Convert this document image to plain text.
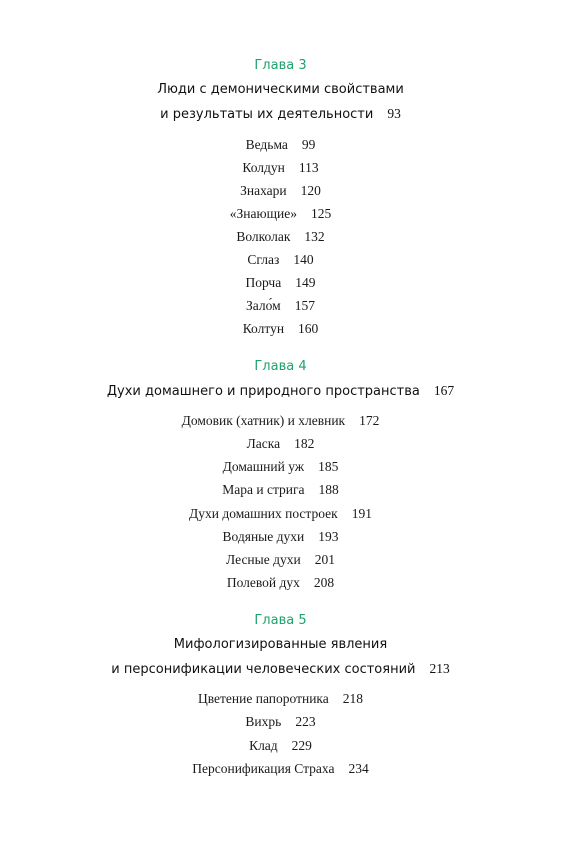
Глава 3
Люди с демоническими свойствами
и результаты их деятельности 93
Ведьма 99
Колдун 113
Знахари 120
«Знающие» 125
Волколак 132
Сглаз 140
Порча 149
Зало́м 157
Колтун 160
Глава 4
Духи домашнего и природного пространства 167
Домовик (хатник) и хлевник 172
Ласка 182
Домашний уж 185
Мара и стрига 188
Духи домашних построек 191
Водяные духи 193
Лесные духи 201
Полевой дух 208
Глава 5
Мифологизированные явления
и персонификации человеческих состояний 213
Цветение папоротника 218
Вихрь 223
Клад 229
Персонификация Страха 234
